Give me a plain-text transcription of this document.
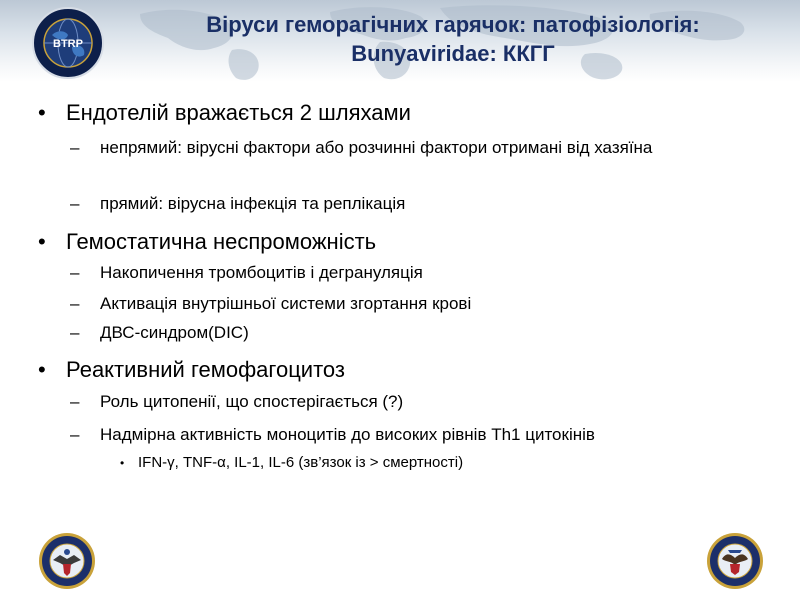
BTRP
Віруси геморагічних гарячок: патофізіологія:
Bunyaviridae: ККГГ
• Ендотелій вражається 2 шляхами
– непрямий: вірусні фактори або розчинні фактори отримані від хазяїна
– прямий: вірусна інфекція та реплікація
• Гемостатична неспроможність
– Накопичення тромбоцитів і дегрануляція
– Активація внутрішньої системи згортання крові
– ДВС-синдром(DIC)
• Реактивний гемофагоцитоз
– Роль цитопенії, що спостерігається (?)
– Надмірна активність моноцитів до високих рівнів Th1 цитокінів
• IFN-γ, TNF-α, IL-1, IL-6 (зв’язок із > смертності)
